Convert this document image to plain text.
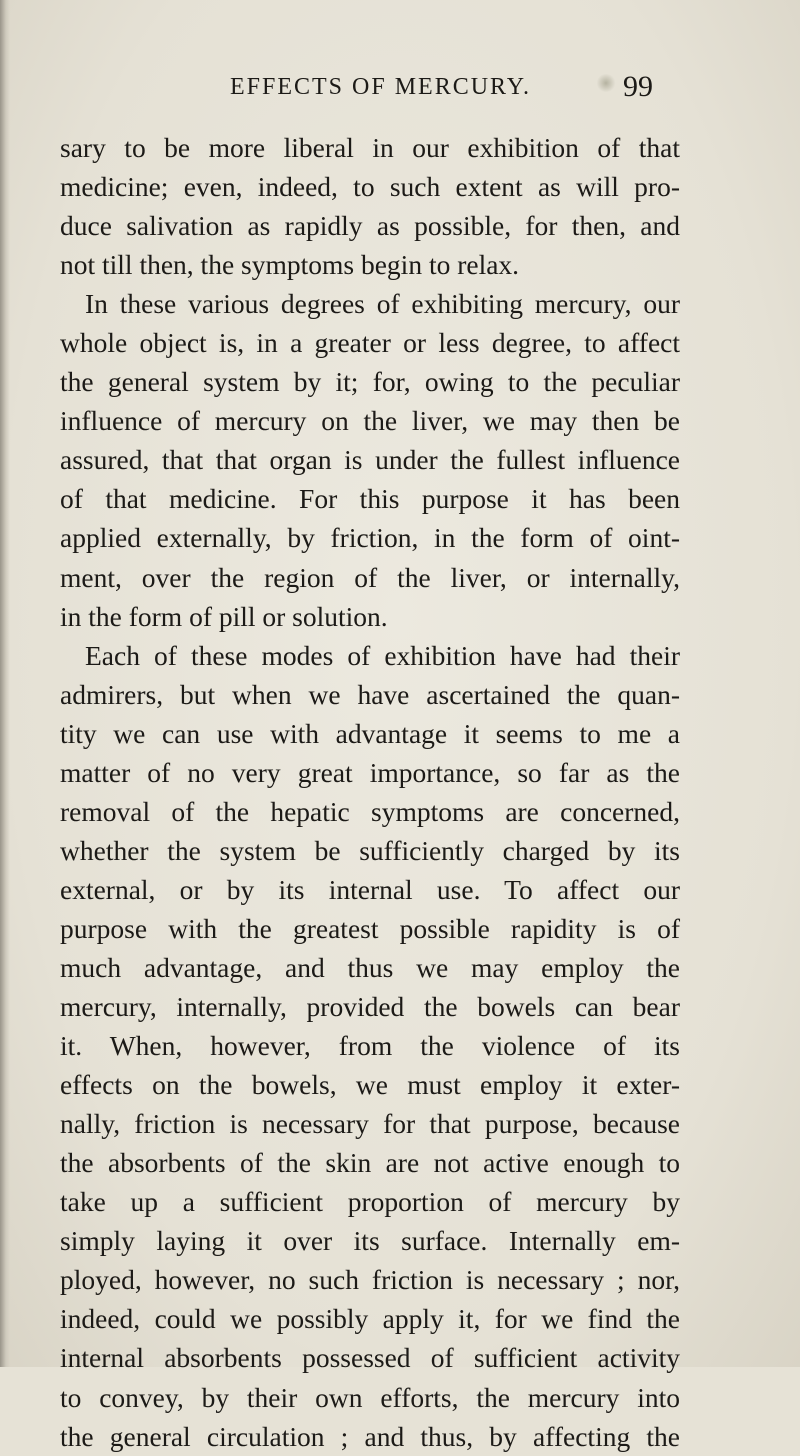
EFFECTS OF MERCURY.	99
sary to be more liberal in our exhibition of that
medicine; even, indeed, to such extent as will pro-
duce salivation as rapidly as possible, for then, and
not till then, the symptoms begin to relax.
In these various degrees of exhibiting mercury, our
whole object is, in a greater or less degree, to affect
the general system by it; for, owing to the peculiar
influence of mercury on the liver, we may then be
assured, that that organ is under the fullest influence
of that medicine. For this purpose it has been
applied externally, by friction, in the form of oint-
ment, over the region of the liver, or internally,
in the form of pill or solution.
Each of these modes of exhibition have had their
admirers, but when we have ascertained the quan-
tity we can use with advantage it seems to me a
matter of no very great importance, so far as the
removal of the hepatic symptoms are concerned,
whether the system be sufficiently charged by its
external, or by its internal use. To affect our
purpose with the greatest possible rapidity is of
much advantage, and thus we may employ the
mercury, internally, provided the bowels can bear
it. When, however, from the violence of its
effects on the bowels, we must employ it exter-
nally, friction is necessary for that purpose, because
the absorbents of the skin are not active enough to
take up a sufficient proportion of mercury by
simply laying it over its surface. Internally em-
ployed, however, no such friction is necessary ; nor,
indeed, could we possibly apply it, for we find the
internal absorbents possessed of sufficient activity
to convey, by their own efforts, the mercury into
the general circulation ; and thus, by affecting the
